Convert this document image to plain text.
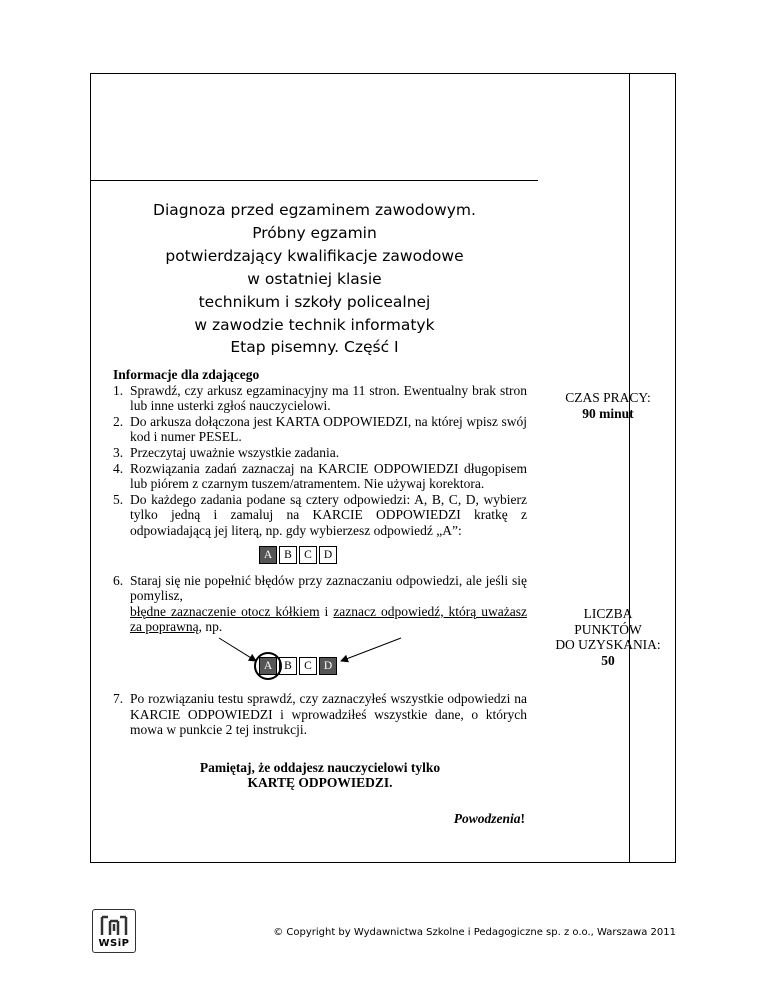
Diagnoza przed egzaminem zawodowym.
Próbny egzamin
potwierdzający kwalifikacje zawodowe
w ostatniej klasie
technikum i szkoły policealnej
w zawodzie technik informatyk
Etap pisemny. Część I
Informacje dla zdającego
1. Sprawdź, czy arkusz egzaminacyjny ma 11 stron. Ewentualny brak stron lub inne usterki zgłoś nauczycielowi.
2. Do arkusza dołączona jest KARTA ODPOWIEDZI, na której wpisz swój kod i numer PESEL.
3. Przeczytaj uważnie wszystkie zadania.
4. Rozwiązania zadań zaznaczaj na KARCIE ODPOWIEDZI długopisem lub piórem z czarnym tuszem/atramentem. Nie używaj korektora.
5. Do każdego zadania podane są cztery odpowiedzi: A, B, C, D, wybierz tylko jedną i zamaluj na KARCIE ODPOWIEDZI kratkę z odpowiadającą jej literą, np. gdy wybierzesz odpowiedź „A”:
A	B	C	D
6. Staraj się nie popełnić błędów przy zaznaczaniu odpowiedzi, ale jeśli się pomylisz,
błędne zaznaczenie otocz kółkiem i zaznacz odpowiedź, którą uważasz za poprawną, np.
A	B	C	D
7. Po rozwiązaniu testu sprawdź, czy zaznaczyłeś wszystkie odpowiedzi na KARCIE ODPOWIEDZI i wprowadziłeś wszystkie dane, o których mowa w punkcie 2 tej instrukcji.
Pamiętaj, że oddajesz nauczycielowi tylko
KARTĘ ODPOWIEDZI.
Powodzenia!
CZAS PRACY:
90 minut
LICZBA
PUNKTÓW
DO UZYSKANIA:
50
WSiP
© Copyright by Wydawnictwa Szkolne i Pedagogiczne sp. z o.o., Warszawa 2011
